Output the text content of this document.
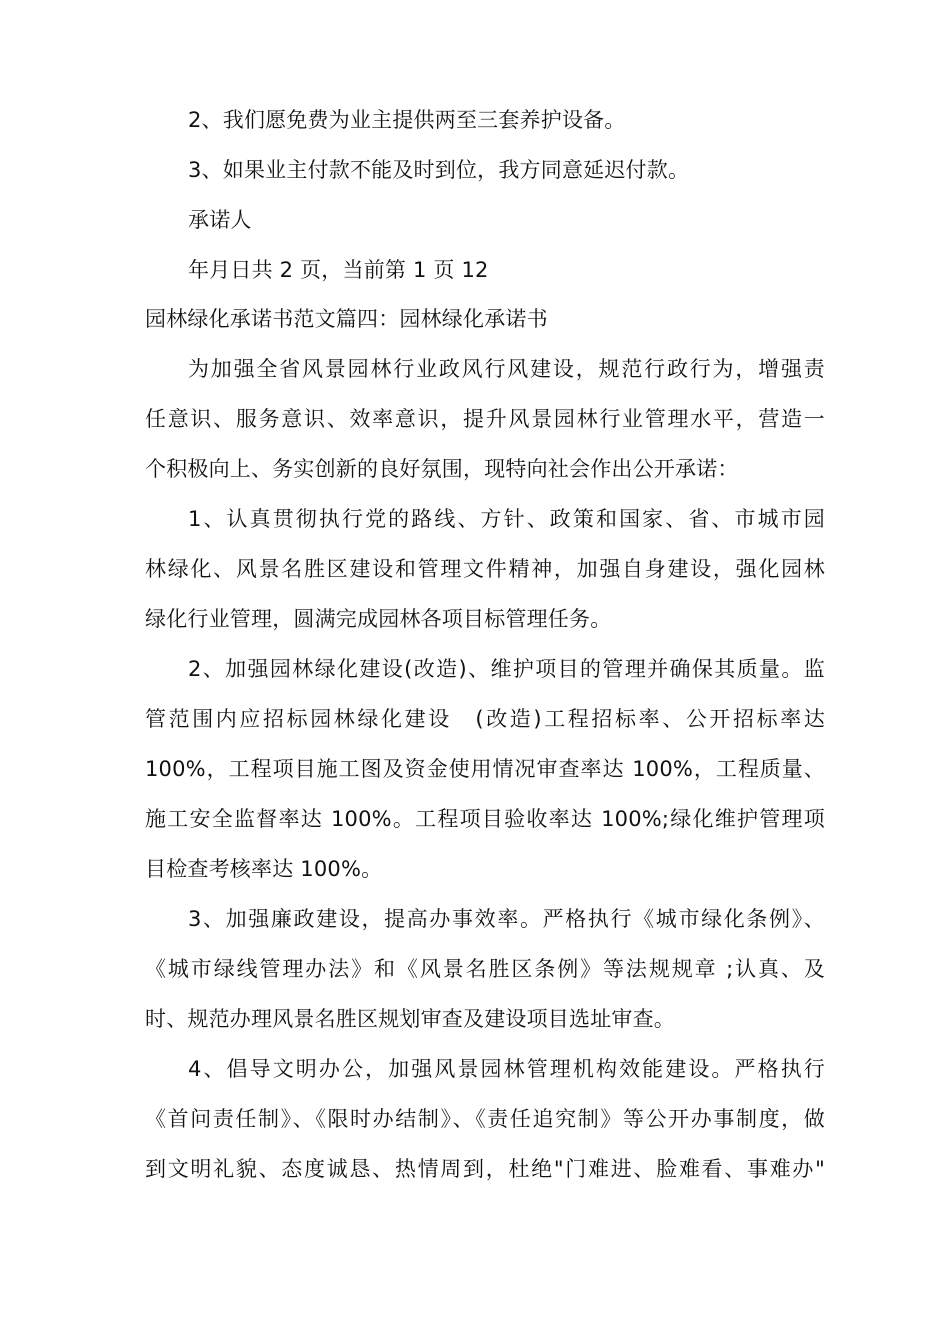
2、我们愿免费为业主提供两至三套养护设备。
3、如果业主付款不能及时到位，我方同意延迟付款。
承诺人
年月日共 2 页，当前第 1 页 12
园林绿化承诺书范文篇四：园林绿化承诺书
为加强全省风景园林行业政风行风建设，规范行政行为，增强责
任意识、服务意识、效率意识，提升风景园林行业管理水平，营造一
个积极向上、务实创新的良好氛围，现特向社会作出公开承诺：
1、认真贯彻执行党的路线、方针、政策和国家、省、市城市园
林绿化、风景名胜区建设和管理文件精神，加强自身建设，强化园林
绿化行业管理，圆满完成园林各项目标管理任务。
2、加强园林绿化建设(改造)、维护项目的管理并确保其质量。监
管范围内应招标园林绿化建设　(改造)工程招标率、公开招标率达
100%，工程项目施工图及资金使用情况审查率达 100%，工程质量、
施工安全监督率达 100%。工程项目验收率达 100%;绿化维护管理项
目检查考核率达 100%。
3、加强廉政建设，提高办事效率。严格执行《城市绿化条例》、
《城市绿线管理办法》和《风景名胜区条例》等法规规章 ;认真、及
时、规范办理风景名胜区规划审查及建设项目选址审查。
4、倡导文明办公，加强风景园林管理机构效能建设。严格执行
《首问责任制》、《限时办结制》、《责任追究制》等公开办事制度，做
到文明礼貌、态度诚恳、热情周到，杜绝"门难进、脸难看、事难办"
